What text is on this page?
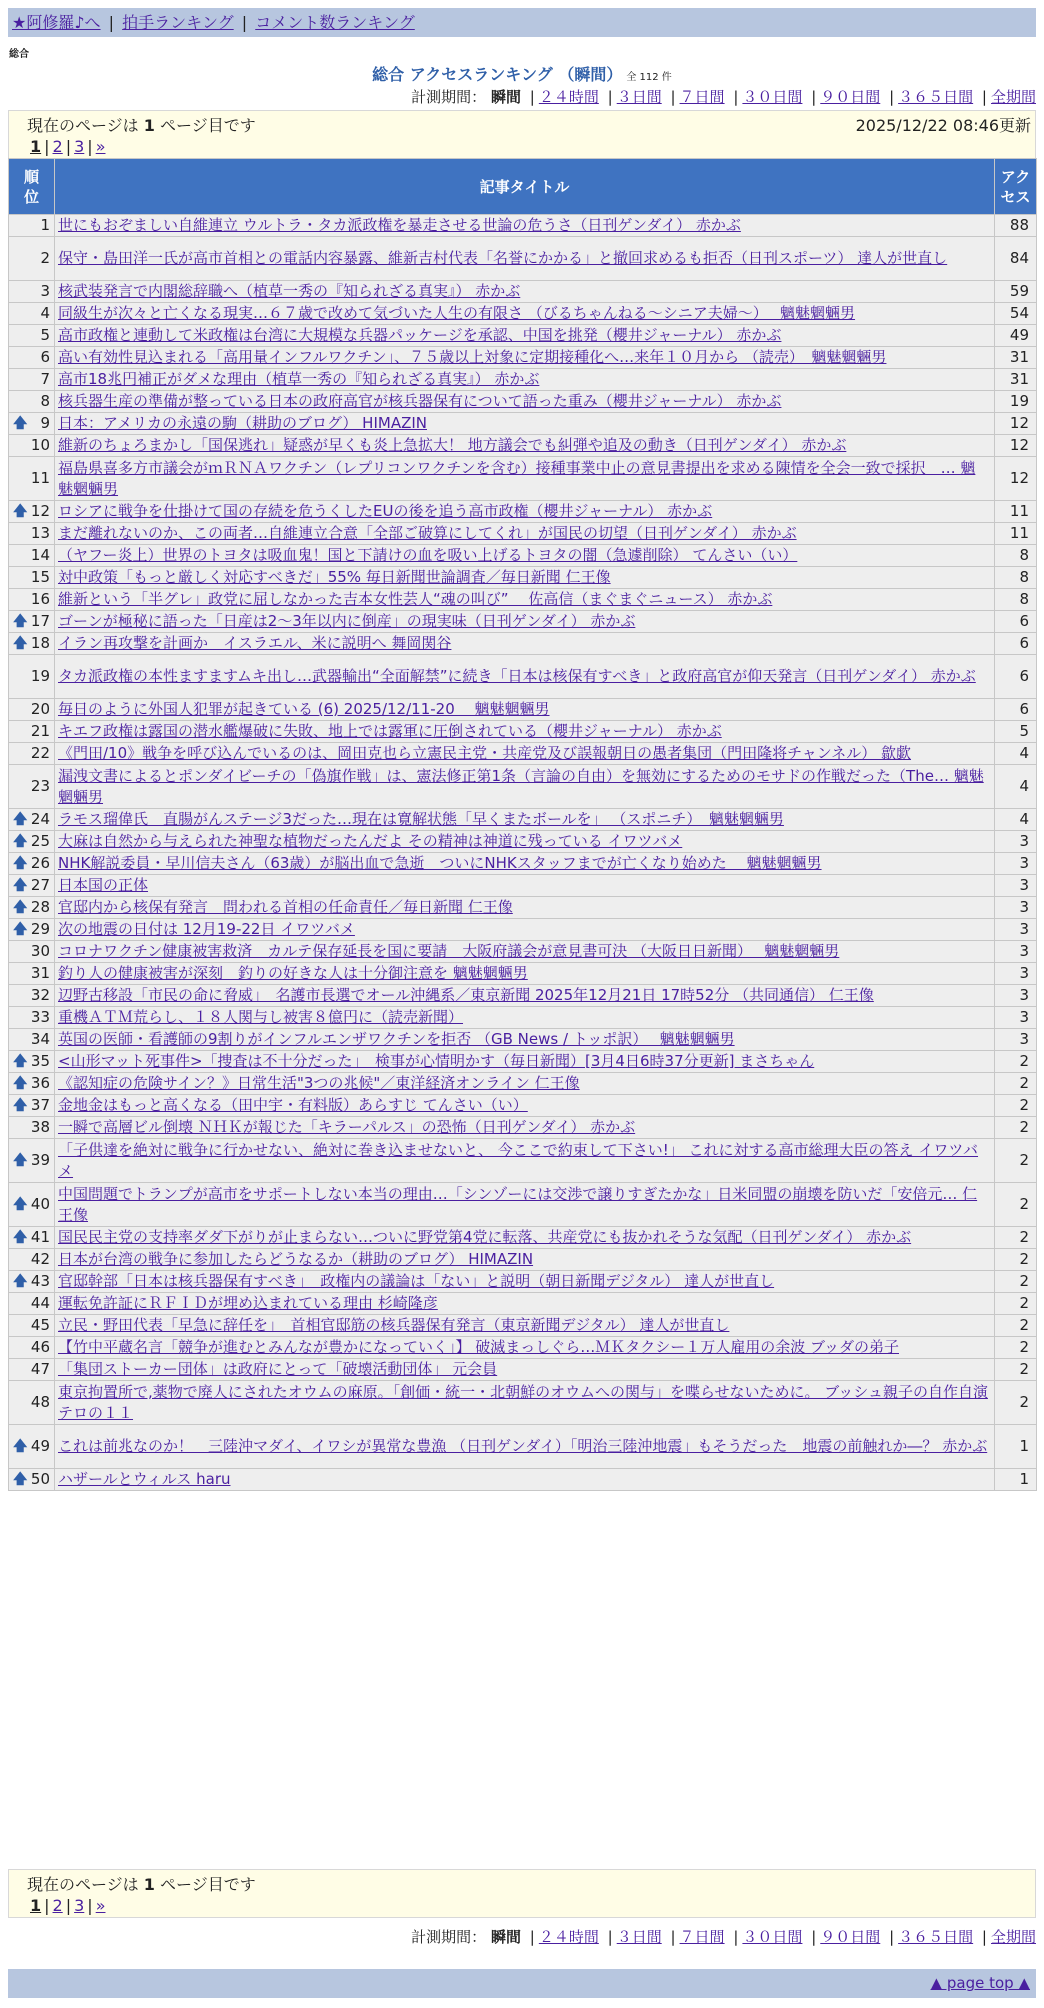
★阿修羅♪へ | 拍手ランキング | コメント数ランキング
総合
総合 アクセスランキング （瞬間） 全 112 件
計測期間： 瞬間 | ２４時間 | ３日間 | ７日間 | ３０日間 | ９０日間 | ３６５日間 | 全期間
現在のページは 1 ページ目です	2025/12/22 08:46更新
1 | 2 | 3 | »
順位	記事タイトル	アクセス
1	世にもおぞましい自維連立 ウルトラ・タカ派政権を暴走させる世論の危うさ（日刊ゲンダイ） 赤かぶ	88
2	保守・島田洋一氏が高市首相との電話内容暴露、維新吉村代表「名誉にかかる」と撤回求めるも拒否（日刊スポーツ） 達人が世直し	84
3	核武装発言で内閣総辞職へ（植草一秀の『知られざる真実』） 赤かぶ	59
4	同級生が次々と亡くなる現実…６７歳で改めて気づいた人生の有限さ （びるちゃんねる〜シニア夫婦〜）　 魑魅魍魎男	54
5	高市政権と連動して米政権は台湾に大規模な兵器パッケージを承認、中国を挑発（櫻井ジャーナル） 赤かぶ	49
6	高い有効性見込まれる「高用量インフルワクチン」、７５歳以上対象に定期接種化へ…来年１０月から （読売）　魑魅魍魎男	31
7	高市18兆円補正がダメな理由（植草一秀の『知られざる真実』） 赤かぶ	31
8	核兵器生産の準備が整っている日本の政府高官が核兵器保有について語った重み（櫻井ジャーナル） 赤かぶ	19

🡅 9	日本：アメリカの永遠の駒（耕助のブログ） HIMAZIN	12
10	維新のちょろまかし「国保逃れ」疑惑が早くも炎上急拡大！ 地方議会でも糾弾や追及の動き（日刊ゲンダイ） 赤かぶ	12
11	福島県喜多方市議会がｍＲＮＡワクチン（レプリコンワクチンを含む）接種事業中止の意見書提出を求める陳情を全会一致で採択　… 魑魅魍魎男	12

🡅 12	ロシアに戦争を仕掛けて国の存続を危うくしたEUの後を追う高市政権（櫻井ジャーナル） 赤かぶ	11
13	まだ離れないのか、この両者…自維連立合意「全部ご破算にしてくれ」が国民の切望（日刊ゲンダイ） 赤かぶ	11
14	（ヤフー炎上）世界のトヨタは吸血鬼！国と下請けの血を吸い上げるトヨタの闇（急遽削除） てんさい（い）	8
15	対中政策「もっと厳しく対応すべきだ」55% 毎日新聞世論調査／毎日新聞 仁王像	8
16	維新という「半グレ」政党に屈しなかった吉本女性芸人“魂の叫び”　 佐高信（まぐまぐニュース） 赤かぶ	8

🡅 17	ゴーンが極秘に語った「日産は2〜3年以内に倒産」の現実味（日刊ゲンダイ） 赤かぶ	6

🡅 18	イラン再攻撃を計画か　イスラエル、米に説明へ 舞岡関谷	6
19	タカ派政権の本性ますますムキ出し…武器輸出“全面解禁”に続き「日本は核保有すべき」と政府高官が仰天発言（日刊ゲンダイ） 赤かぶ	6
20	毎日のように外国人犯罪が起きている (6) 2025/12/11-20　 魑魅魍魎男	6
21	キエフ政権は露国の潜水艦爆破に失敗、地上では露軍に圧倒されている（櫻井ジャーナル） 赤かぶ	5
22	《門田/10》戦争を呼び込んでいるのは、岡田克也ら立憲民主党・共産党及び誤報朝日の愚者集団（門田隆将チャンネル） 歙歔	4
23	漏洩文書によるとポンダイビーチの「偽旗作戦」は、憲法修正第1条（言論の自由）を無効にするためのモサドの作戦だった（The… 魑魅魍魎男	4

🡅 24	ラモス瑠偉氏　直腸がんステージ3だった…現在は寛解状態「早くまたボールを」 （スポニチ）　魑魅魍魎男	4

🡅 25	大麻は自然から与えられた神聖な植物だったんだよ その精神は神道に残っている イワツバメ	3

🡅 26	NHK解説委員・早川信夫さん（63歳）が脳出血で急逝　ついにNHKスタッフまでが亡くなり始めた　 魑魅魍魎男	3

🡅 27	日本国の正体	3

🡅 28	官邸内から核保有発言　問われる首相の任命責任／毎日新聞 仁王像	3

🡅 29	次の地震の日付は 12月19-22日 イワツバメ	3
30	コロナワクチン健康被害救済　カルテ保存延長を国に要請　大阪府議会が意見書可決 （大阪日日新聞）　 魑魅魍魎男	3
31	釣り人の健康被害が深刻　釣りの好きな人は十分御注意を 魑魅魍魎男	3
32	辺野古移設「市民の命に脅威」　名護市長選でオール沖縄系／東京新聞 2025年12月21日 17時52分 （共同通信） 仁王像	3
33	重機ＡＴＭ荒らし、１８人関与し被害８億円に（読売新聞）	3
34	英国の医師・看護師の9割りがインフルエンザワクチンを拒否 （GB News / トッポ訳）　 魑魅魍魎男	3

🡅 35	<山形マット死事件>「捜査は不十分だった」　検事が心情明かす（毎日新聞）[3月4日6時37分更新] まさちゃん	2

🡅 36	《認知症の危険サイン？》日常生活"3つの兆候"／東洋経済オンライン 仁王像	2

🡅 37	金地金はもっと高くなる（田中宇・有料版）あらすじ てんさい（い）	2
38	一瞬で高層ビル倒壊 ＮＨＫが報じた「キラーパルス」の恐怖（日刊ゲンダイ） 赤かぶ	2

🡅 39	「子供達を絶対に戦争に行かせない、絶対に巻き込ませないと、 今ここで約束して下さい!」 これに対する高市総理大臣の答え イワツバメ	2

🡅 40	中国問題でトランプが高市をサポートしない本当の理由…「シンゾーには交渉で譲りすぎたかな」日米同盟の崩壊を防いだ「安倍元… 仁王像	2

🡅 41	国民民主党の支持率ダダ下がりが止まらない…ついに野党第4党に転落、共産党にも抜かれそうな気配（日刊ゲンダイ） 赤かぶ	2
42	日本が台湾の戦争に参加したらどうなるか（耕助のブログ） HIMAZIN	2

🡅 43	官邸幹部「日本は核兵器保有すべき」　政権内の議論は「ない」と説明（朝日新聞デジタル） 達人が世直し	2
44	運転免許証にＲＦＩＤが埋め込まれている理由 杉崎隆彦	2
45	立民・野田代表「早急に辞任を」　首相官邸筋の核兵器保有発言（東京新聞デジタル） 達人が世直し	2
46	【竹中平蔵名言「競争が進むとみんなが豊かになっていく」】 破滅まっしぐら…ＭＫタクシー１万人雇用の余波 ブッダの弟子	2
47	「集団ストーカー団体」は政府にとって「破壊活動団体」 元会員	2
48	東京拘置所で,薬物で廃人にされたオウムの麻原。「創価・統一・北朝鮮のオウムへの関与」を喋らせないために。 ブッシュ親子の自作自演テロの１１	2

🡅 49	これは前兆なのか！　三陸沖マダイ、イワシが異常な豊漁 （日刊ゲンダイ）「明治三陸沖地震」もそうだった　地震の前触れか―？ 赤かぶ	1

🡅 50	ハザールとウィルス haru	1
現在のページは 1 ページ目です
1 | 2 | 3 | »
計測期間： 瞬間 | ２４時間 | ３日間 | ７日間 | ３０日間 | ９０日間 | ３６５日間 | 全期間
▲ page top ▲
